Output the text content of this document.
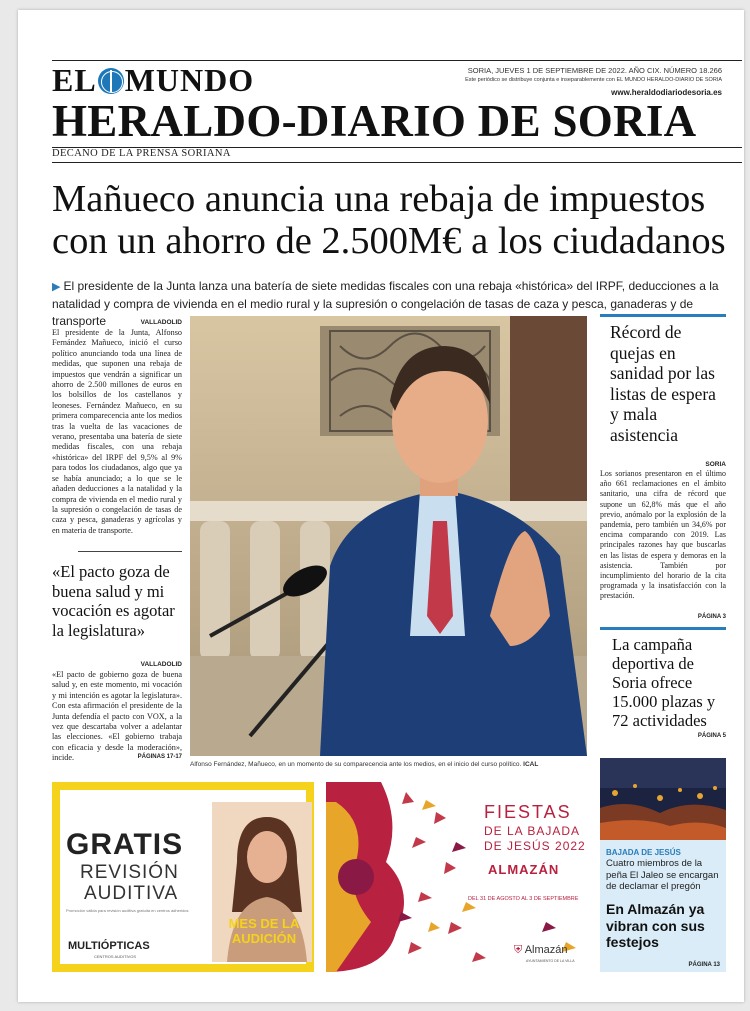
EL MUNDO	SORIA, JUEVES 1 DE SEPTIEMBRE DE 2022. AÑO CIX. NÚMERO 18.266
Este periódico se distribuye conjunta e inseparablemente con EL MUNDO HERALDO-DIARIO DE SORIA
www.heraldodiariodesoria.es
HERALDO-DIARIO DE SORIA
DECANO DE LA PRENSA SORIANA
Mañueco anuncia una rebaja de impuestos con un ahorro de 2.500M€ a los ciudadanos
▶ El presidente de la Junta lanza una batería de siete medidas fiscales con una rebaja «histórica» del IRPF, deducciones a la natalidad y compra de vivienda en el medio rural y la supresión o congelación de tasas de caza y pesca, ganaderas y de transporte	VALLADOLID
El presidente de la Junta, Alfonso Fernández Mañueco, inició el curso político anunciando toda una línea de medidas, que suponen una rebaja de impuestos que vendrán a significar un ahorro de 2.500 millones de euros en los bolsillos de los castellanos y leoneses. Fernández Mañueco, en su primera comparecencia ante los medios tras la vuelta de las vacaciones de verano, presentaba una batería de siete medidas fiscales, con una rebaja «histórica» del IRPF del 9,5% al 9% para todos los ciudadanos, algo que ya se había anunciado; a lo que se le añaden deducciones a la natalidad y la compra de vivienda en el medio rural y la supresión o congelación de tasas de caza y pesca, ganaderas y agrícolas y en materia de transporte.
«El pacto goza de buena salud y mi vocación es agotar la legislatura»
VALLADOLID
«El pacto de gobierno goza de buena salud y, en este momento, mi vocación y mi intención es agotar la legislatura». Con esta afirmación el presidente de la Junta defendía el pacto con VOX, a la vez que descartaba volver a adelantar las elecciones. «El gobierno trabaja con eficacia y desde la moderación», incide.	PÁGINAS 17-17
Alfonso Fernández, Mañueco, en un momento de su comparecencia ante los medios, en el inicio del curso político. ICAL
Récord de quejas en sanidad por las listas de espera y mala asistencia
SORIA
Los sorianos presentaron en el último año 661 reclamaciones en el ámbito sanitario, una cifra de récord que supone un 62,8% más que el año previo, anómalo por la explosión de la pandemia, pero también un 34,6% por encima comparando con 2019. Las principales razones hay que buscarlas en las listas de espera y demoras en la asistencia. También por incumplimiento del horario de la cita programada y la insatisfacción con la prestación.
PÁGINA 3
La campaña deportiva de Soria ofrece 15.000 plazas y 72 actividades
PÁGINA 5
GRATIS
REVISIÓN
AUDITIVA
Promoción válida para revisión auditiva gratuita en centros adheridos
MULTIÓPTICAS
CENTROS AUDITIVOS
MES DE LA AUDICIÓN
FIESTAS
DE LA BAJADA
DE JESÚS 2022
ALMAZÁN
DEL 31 DE AGOSTO AL 3 DE SEPTIEMBRE
⛨ Almazán
AYUNTAMIENTO DE LA VILLA
BAJADA DE JESÚS
Cuatro miembros de la peña El Jaleo se encargan de declamar el pregón
En Almazán ya vibran con sus festejos
PÁGINA 13
